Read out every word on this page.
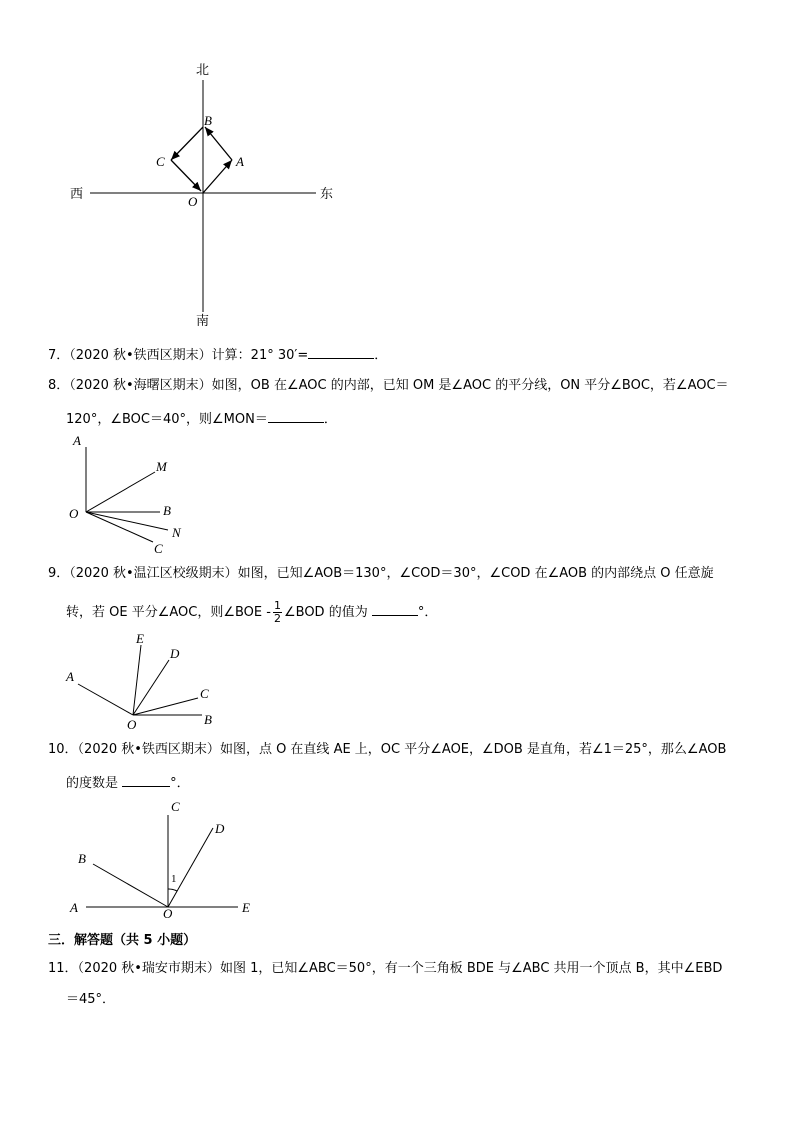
北
南
西	东
B
C	A
O
7．（2020 秋•铁西区期末）计算：21° 30′=	．
8．（2020 秋•海曙区期末）如图，OB 在∠AOC 的内部，已知 OM 是∠AOC 的平分线，ON 平分∠BOC，若∠AOC＝
120°，∠BOC＝40°，则∠MON＝	．
A
M
O	B
N
C
9．（2020 秋•温江区校级期末）如图，已知∠AOB＝130°，∠COD＝30°，∠COD 在∠AOB 的内部绕点 O 任意旋
转，若 OE 平分∠AOC，则∠BOE - $\frac{1}{2}$ ∠BOD 的值为	°．
E
D
A
C
O	B
10．（2020 秋•铁西区期末）如图，点 O 在直线 AE 上，OC 平分∠AOE，∠DOB 是直角，若∠1＝25°，那么∠AOB
的度数是	°．
C
D
B
1
A	O	E
三．解答题（共 5 小题）
11．（2020 秋•瑞安市期末）如图 1，已知∠ABC＝50°，有一个三角板 BDE 与∠ABC 共用一个顶点 B，其中∠EBD
＝45°．
